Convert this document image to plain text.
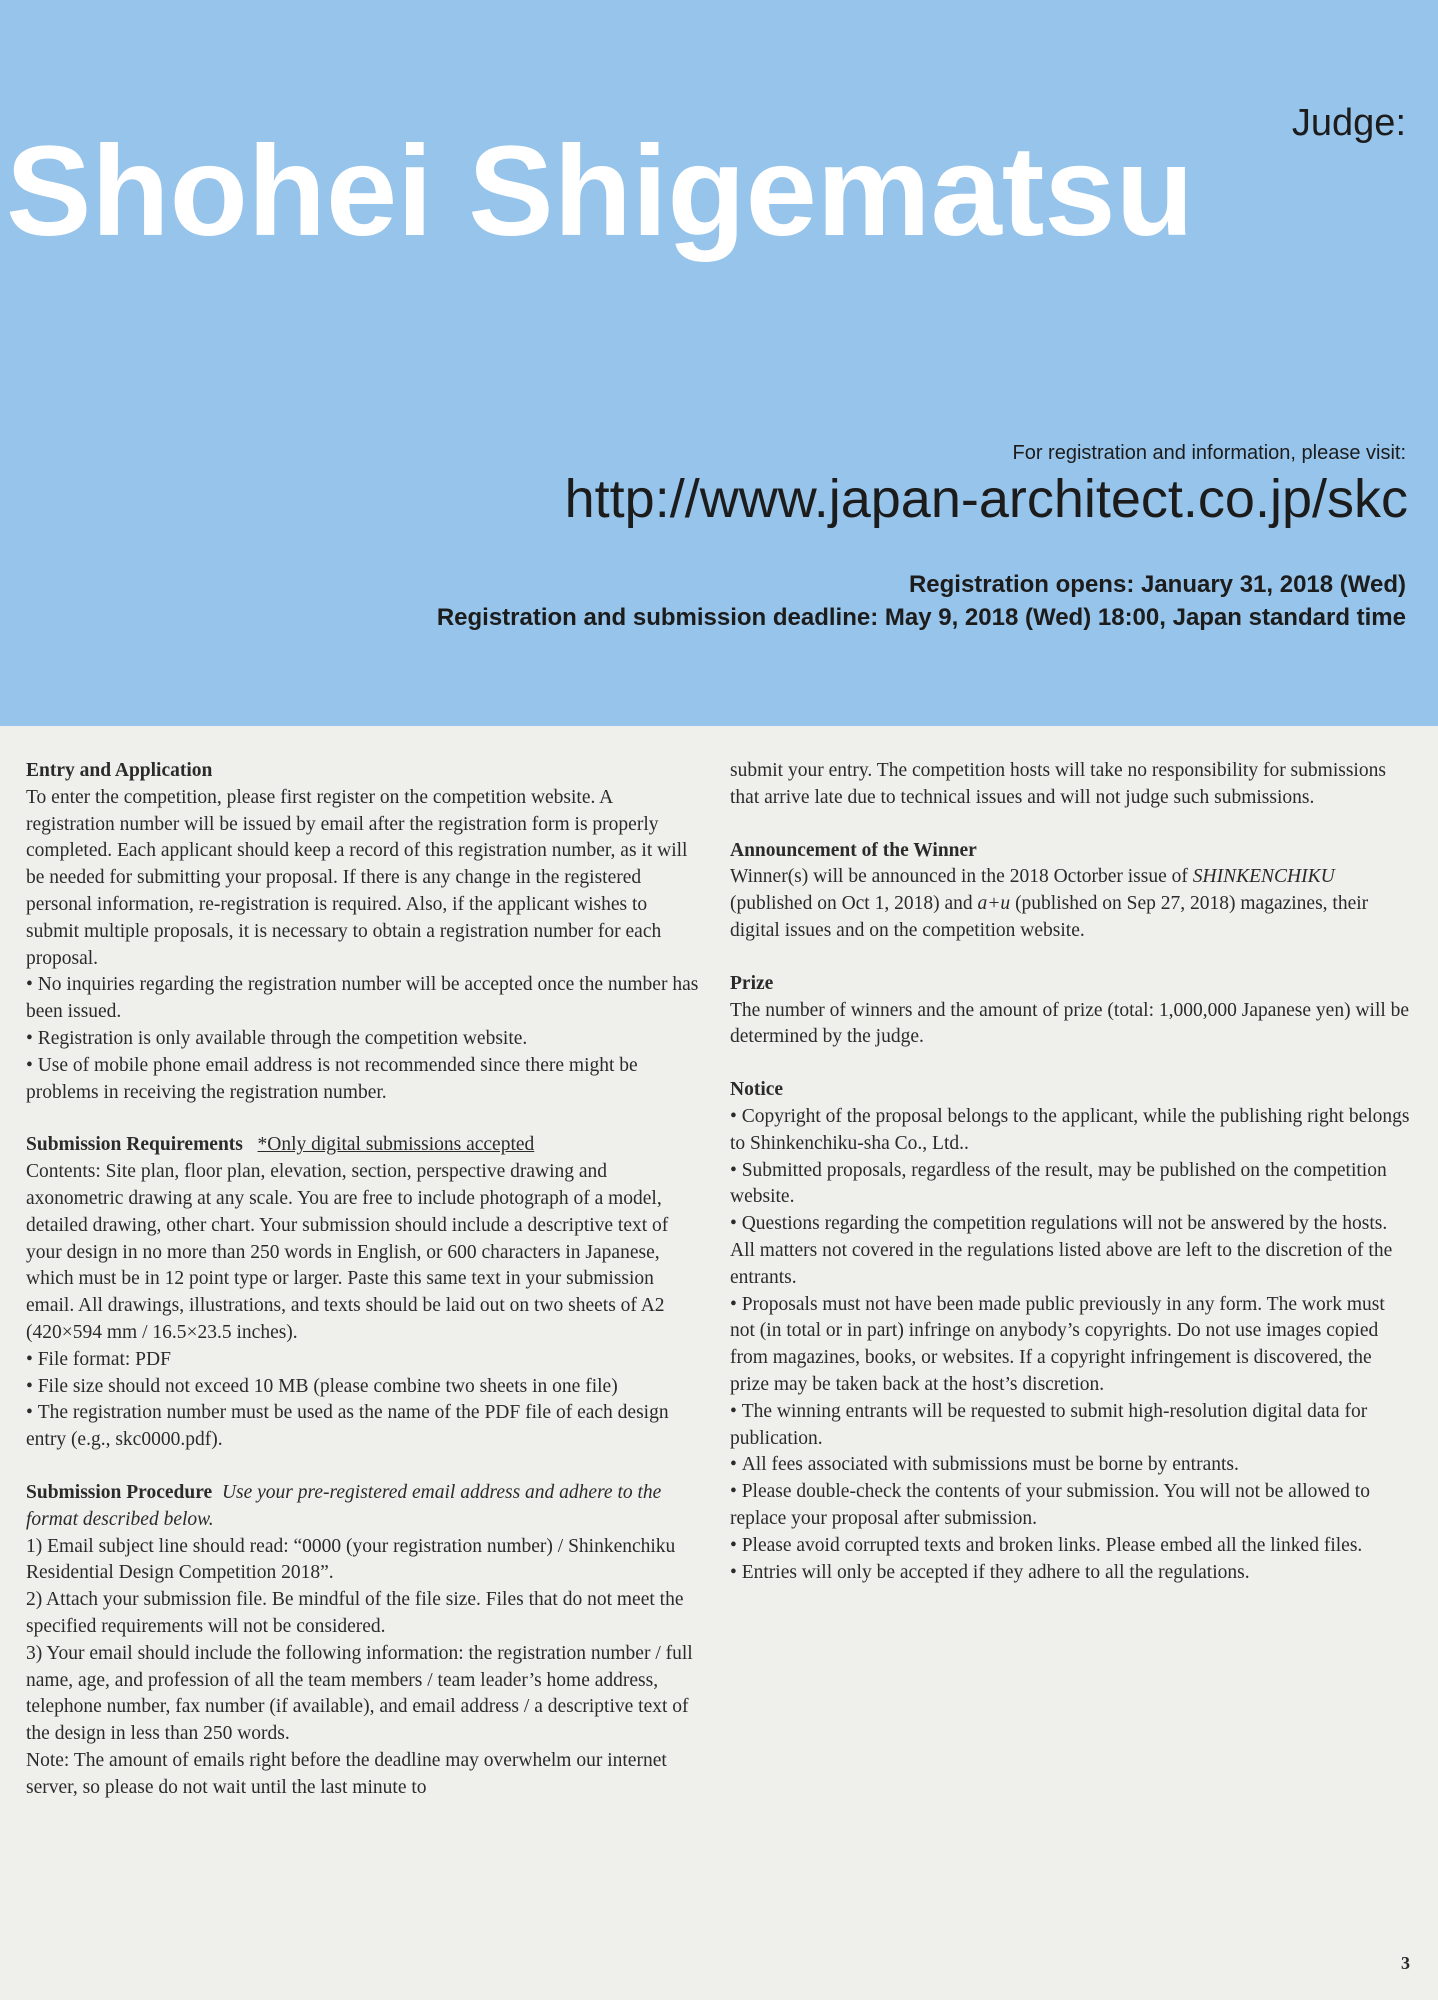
Judge:
Shohei Shigematsu
For registration and information, please visit:
http://www.japan-architect.co.jp/skc
Registration opens: January 31, 2018 (Wed)
Registration and submission deadline: May 9, 2018 (Wed) 18:00, Japan standard time
Entry and Application

To enter the competition, please first register on the competition website. A registration number will be issued by email after the registration form is properly completed. Each applicant should keep a record of this registration number, as it will be needed for submitting your proposal. If there is any change in the registered personal information, re-registration is required. Also, if the applicant wishes to submit multiple proposals, it is necessary to obtain a registration number for each proposal.

• No inquiries regarding the registration number will be accepted once the number has been issued.

• Registration is only available through the competition website.

• Use of mobile phone email address is not recommended since there might be problems in receiving the registration number.

Submission Requirements *Only digital submissions accepted

Contents: Site plan, floor plan, elevation, section, perspective drawing and axonometric drawing at any scale. You are free to include photograph of a model, detailed drawing, other chart. Your submission should include a descriptive text of your design in no more than 250 words in English, or 600 characters in Japanese, which must be in 12 point type or larger. Paste this same text in your submission email. All drawings, illustrations, and texts should be laid out on two sheets of A2 (420×594 mm / 16.5×23.5 inches).

• File format: PDF

• File size should not exceed 10 MB (please combine two sheets in one file)

• The registration number must be used as the name of the PDF file of each design entry (e.g., skc0000.pdf).

Submission Procedure Use your pre-registered email address and adhere to the format described below.

1) Email subject line should read: “0000 (your registration number) / Shinkenchiku Residential Design Competition 2018”.

2) Attach your submission file. Be mindful of the file size. Files that do not meet the specified requirements will not be considered.

3) Your email should include the following information: the registration number / full name, age, and profession of all the team members / team leader’s home address, telephone number, fax number (if available), and email address / a descriptive text of the design in less than 250 words.

Note: The amount of emails right before the deadline may overwhelm our internet server, so please do not wait until the last minute to

submit your entry. The competition hosts will take no responsibility for submissions that arrive late due to technical issues and will not judge such submissions.

Announcement of the Winner

Winner(s) will be announced in the 2018 Octorber issue of SHINKENCHIKU (published on Oct 1, 2018) and a+u (published on Sep 27, 2018) magazines, their digital issues and on the competition website.

Prize

The number of winners and the amount of prize (total: 1,000,000 Japanese yen) will be determined by the judge.

Notice

• Copyright of the proposal belongs to the applicant, while the publishing right belongs to Shinkenchiku-sha Co., Ltd..

• Submitted proposals, regardless of the result, may be published on the competition website.

• Questions regarding the competition regulations will not be answered by the hosts. All matters not covered in the regulations listed above are left to the discretion of the entrants.

• Proposals must not have been made public previously in any form. The work must not (in total or in part) infringe on anybody’s copyrights. Do not use images copied from magazines, books, or websites. If a copyright infringement is discovered, the prize may be taken back at the host’s discretion.

• The winning entrants will be requested to submit high-resolution digital data for publication.

• All fees associated with submissions must be borne by entrants.

• Please double-check the contents of your submission. You will not be allowed to replace your proposal after submission.

• Please avoid corrupted texts and broken links. Please embed all the linked files.

• Entries will only be accepted if they adhere to all the regulations.

3
